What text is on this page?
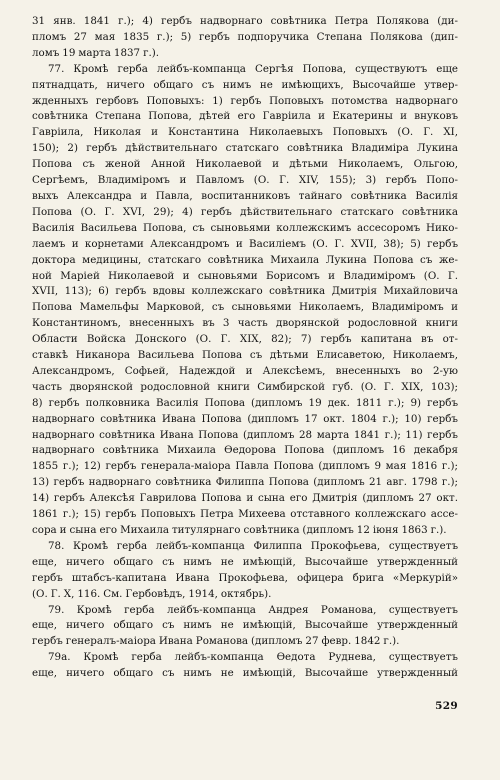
31 янв. 1841 г.); 4) гербъ надворнаго совѣтника Петра Полякова (ди-
пломъ 27 мая 1835 г.); 5) гербъ подпоручика Степана Полякова (дип-
ломъ 19 марта 1837 г.).
77. Кромѣ герба лейбъ-компанца Сергѣя Попова, существуютъ еще
пятнадцать, ничего общаго съ нимъ не имѣющихъ, Высочайше утвер-
жденныхъ гербовъ Поповыхъ: 1) гербъ Поповыхъ потомства надворнаго
совѣтника Степана Попова, дѣтей его Гавріила и Екатерины и внуковъ
Гавріила, Николая и Константина Николаевыхъ Поповыхъ (О. Г. XI,
150); 2) гербъ дѣйствительнаго статскаго совѣтника Владиміра Лукина
Попова съ женой Анной Николаевой и дѣтьми Николаемъ, Ольгою,
Сергѣемъ, Владиміромъ и Павломъ (О. Г. XIV, 155); 3) гербъ Попо-
выхъ Александра и Павла, воспитанниковъ тайнаго совѣтника Василія
Попова (О. Г. XVI, 29); 4) гербъ дѣйствительнаго статскаго совѣтника
Василія Васильева Попова, съ сыновьями коллежскимъ ассесоромъ Нико-
лаемъ и корнетами Александромъ и Василіемъ (О. Г. XVII, 38); 5) гербъ
доктора медицины, статскаго совѣтника Михаила Лукина Попова съ же-
ной Маріей Николаевой и сыновьями Борисомъ и Владиміромъ (О. Г.
XVII, 113); 6) гербъ вдовы коллежскаго совѣтника Дмитрія Михайловича
Попова Мамельфы Марковой, съ сыновьями Николаемъ, Владиміромъ и
Константиномъ, внесенныхъ въ 3 часть дворянской родословной книги
Области Войска Донского (О. Г. XIX, 82); 7) гербъ капитана въ от-
ставкѣ Никанора Васильева Попова съ дѣтьми Елисаветою, Николаемъ,
Александромъ, Софьей, Надеждой и Алексѣемъ, внесенныхъ во 2-ую
часть дворянской родословной книги Симбирской губ. (О. Г. XIX, 103);
8) гербъ полковника Василія Попова (дипломъ 19 дек. 1811 г.); 9) гербъ
надворнаго совѣтника Ивана Попова (дипломъ 17 окт. 1804 г.); 10) гербъ
надворнаго совѣтника Ивана Попова (дипломъ 28 марта 1841 г.); 11) гербъ
надворнаго совѣтника Михаила Ѳедорова Попова (дипломъ 16 декабря
1855 г.); 12) гербъ генерала-маіора Павла Попова (дипломъ 9 мая 1816 г.);
13) гербъ надворнаго совѣтника Филиппа Попова (дипломъ 21 авг. 1798 г.);
14) гербъ Алексѣя Гаврилова Попова и сына его Дмитрія (дипломъ 27 окт.
1861 г.); 15) гербъ Поповыхъ Петра Михеева отставного коллежскаго ассе-
сора и сына его Михаила титулярнаго совѣтника (дипломъ 12 іюня 1863 г.).
78. Кромѣ герба лейбъ-компанца Филиппа Прокофьева, существуетъ
еще, ничего общаго съ нимъ не имѣющій, Высочайше утвержденный
гербъ штабсъ-капитана Ивана Прокофьева, офицера брига «Меркурій»
(О. Г. X, 116. См. Гербовѣдъ, 1914, октябрь).
79. Кромѣ герба лейбъ-компанца Андрея Романова, существуетъ
еще, ничего общаго съ нимъ не имѣющій, Высочайше утвержденный
гербъ генералъ-маіора Ивана Романова (дипломъ 27 февр. 1842 г.).
79а. Кромѣ герба лейбъ-компанца Ѳедота Руднева, существуетъ
еще, ничего общаго съ нимъ не имѣющій, Высочайше утвержденный
529
